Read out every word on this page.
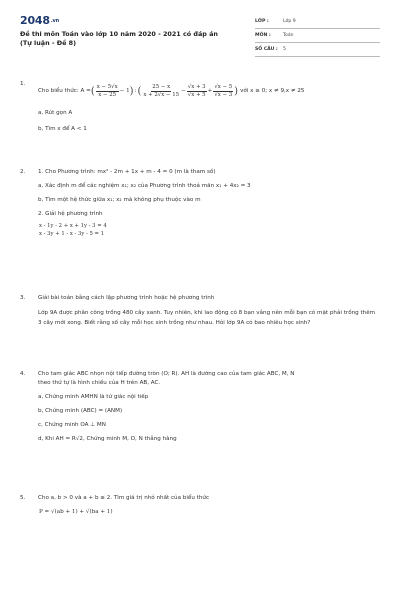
2048.vn
Đề thi môn Toán vào lớp 10 năm 2020 - 2021 có đáp án
(Tự luận - Đề 8)
LỚP :	Lớp 9
MÔN :	Toán
SỐ CÂU :	5
1.
Cho biểu thức: A = ( $\frac{x - 5√x}{x - 25} - 1$ ) : ( $\frac{25 - x}{x + 2√x - 15} - \frac{√x + 3}{√x + 5} + \frac{√x - 5}{√x - 3}$ ) với x ≥ 0; x ≠ 9,x ≠ 25
a, Rút gọn A
b, Tìm x để A < 1
2. 1. Cho Phương trình: mx² - 2m + 1x + m - 4 = 0 (m là tham số)
a, Xác định m để các nghiệm x₁; x₂ của Phương trình thoả mãn x₁ + 4x₂ = 3
b, Tìm một hệ thức giữa x₁; x₂ mà không phụ thuộc vào m
2. Giải hệ phương trình
x - 1y - 2 + x + 1y - 3 = 4
x - 3y + 1 - x - 3y - 5 = 1
3. Giải bài toán bằng cách lập phương trình hoặc hệ phương trình
Lớp 9A được phân công trồng 480 cây xanh. Tuy nhiên, khi lao động có 8 bạn vắng nên mỗi bạn có mặt phải trồng thêm 3 cây mới xong. Biết rằng số cây mỗi học sinh trồng như nhau. Hỏi lớp 9A có bao nhiêu học sinh?
4. Cho tam giác ABC nhọn nội tiếp đường tròn (O; R). AH là đường cao của tam giác ABC, M, N
theo thứ tự là hình chiếu của H trên AB, AC.
a, Chứng minh AMHN là tứ giác nội tiếp
b, Chứng minh (ABC) = (ANM)
c, Chứng minh OA ⊥ MN
d, Khi AH = R√2, Chứng minh M, O, N thẳng hàng
5. Cho a, b > 0 và a + b ≤ 2. Tìm giá trị nhỏ nhất của biểu thức
P = √(ab + 1) + √(ba + 1)
